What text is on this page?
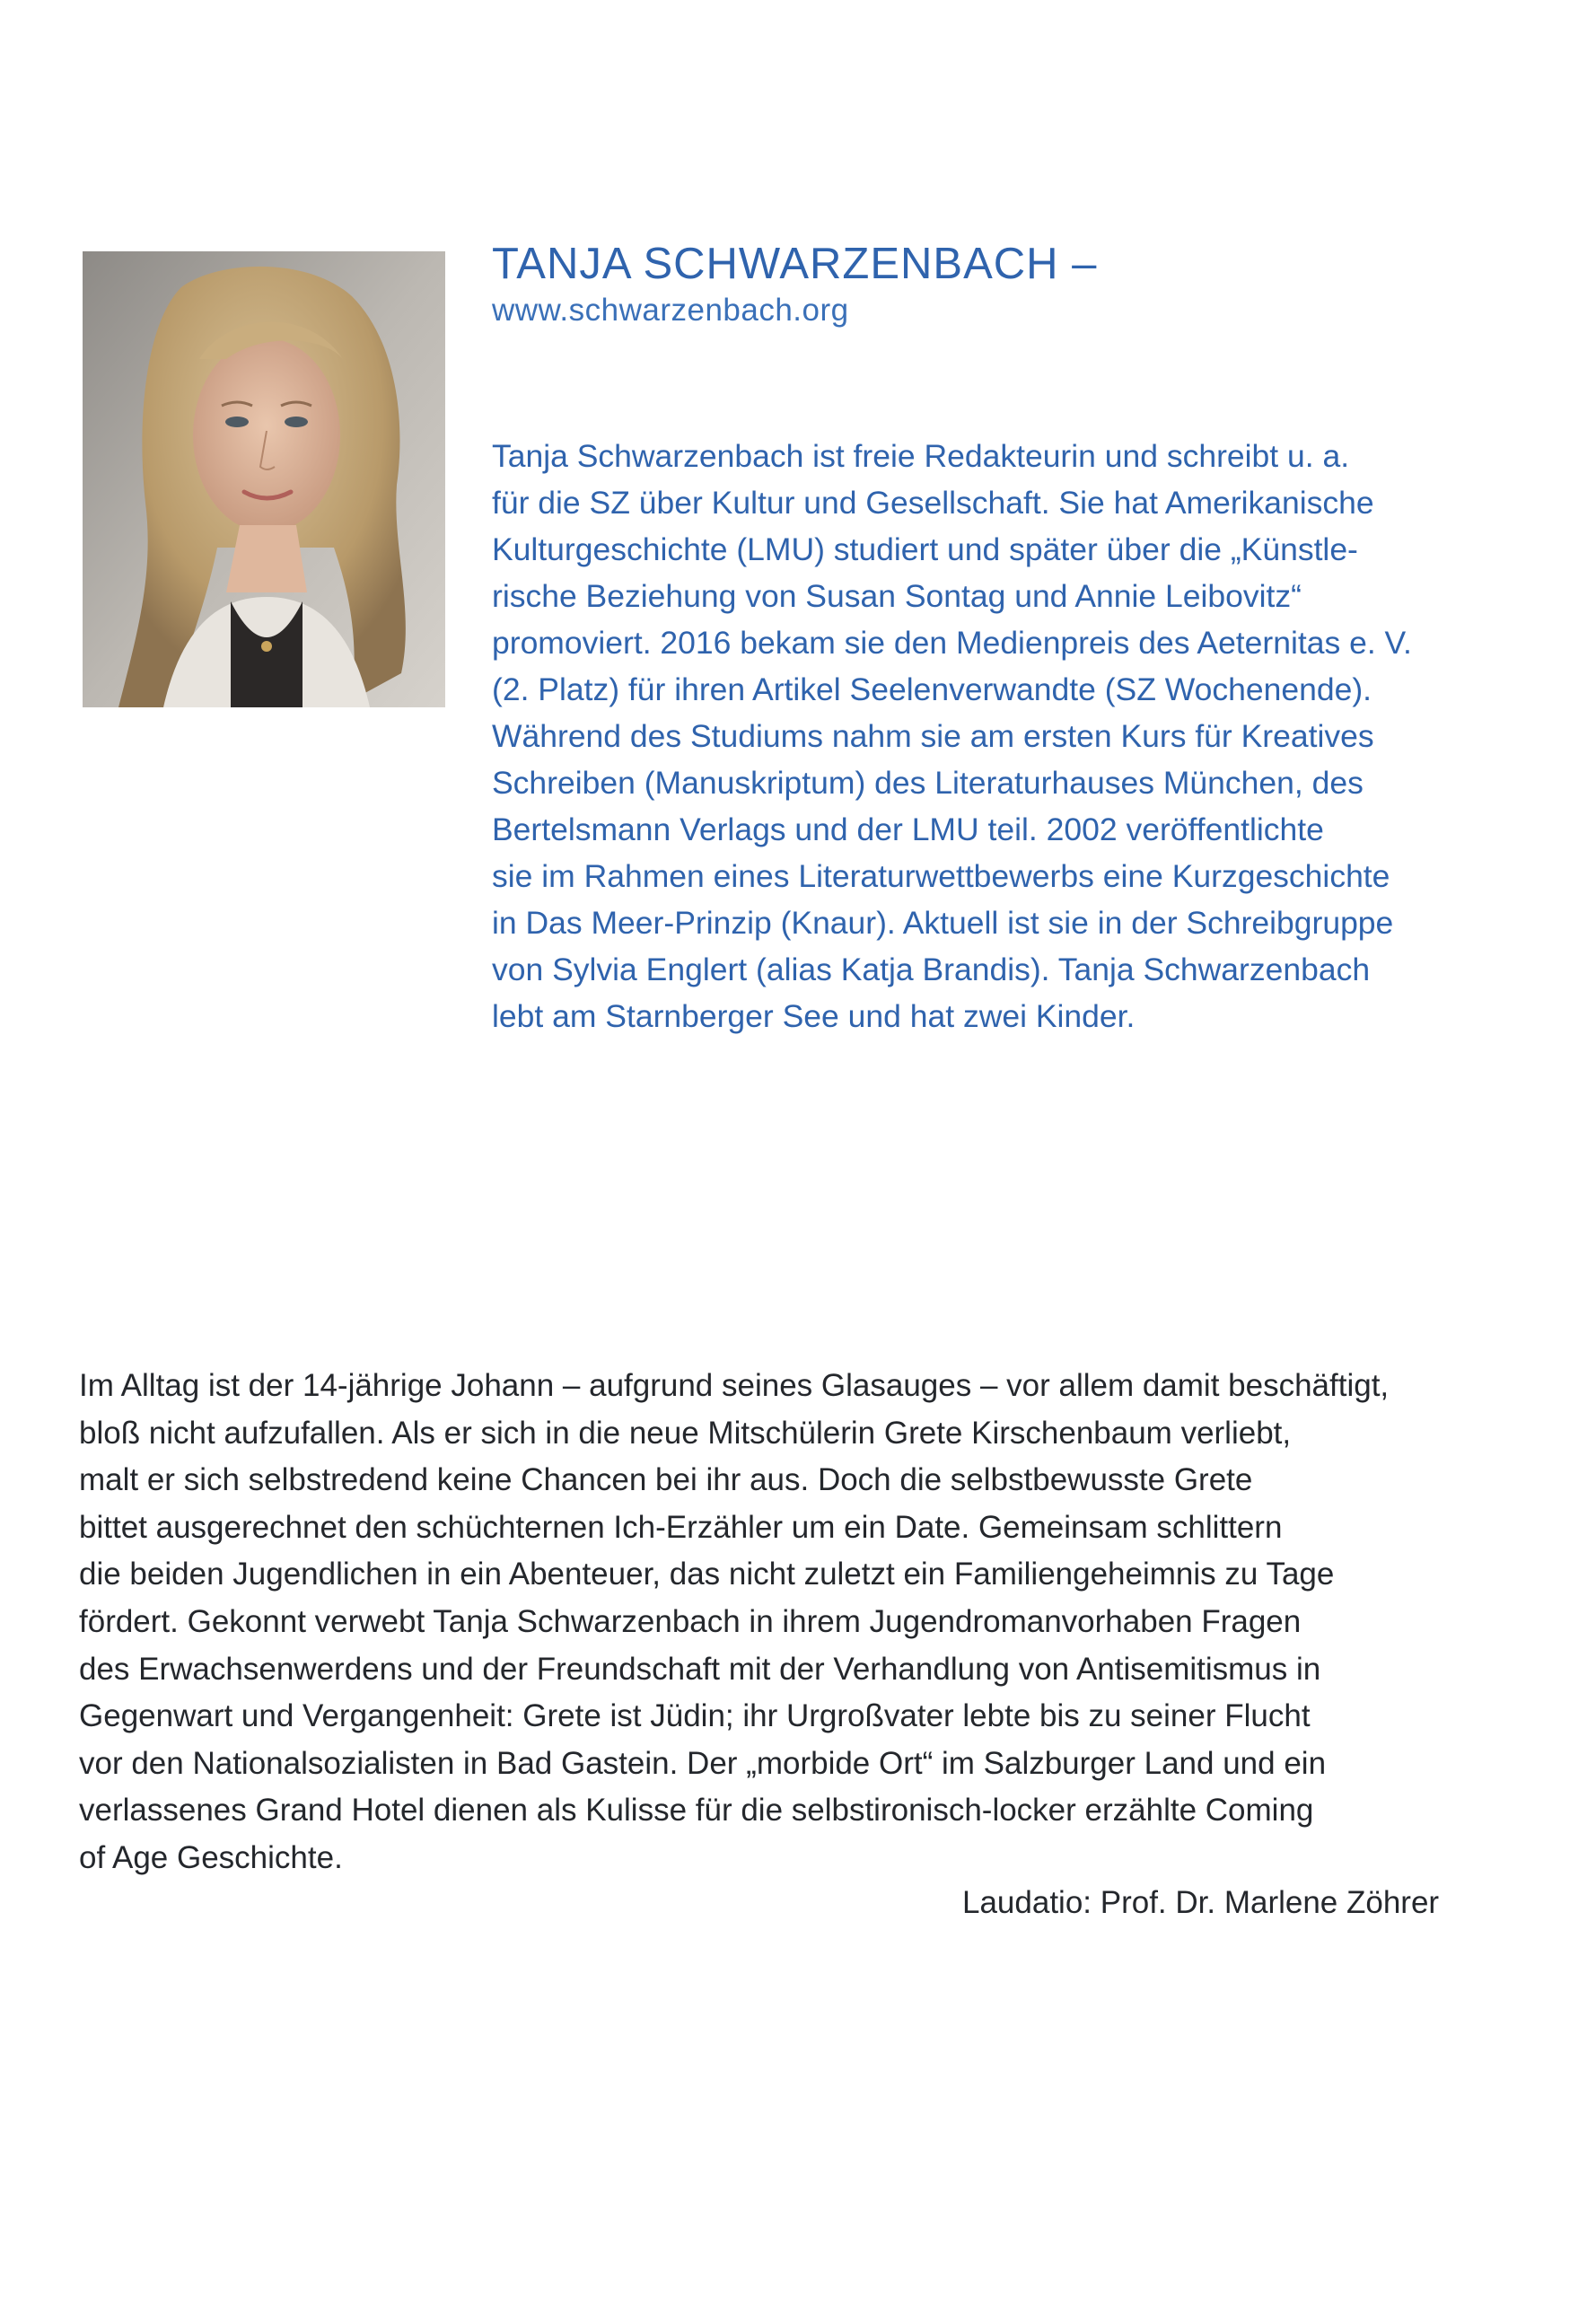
TANJA SCHWARZENBACH –
www.schwarzenbach.org
Tanja Schwarzenbach ist freie Redakteurin und schreibt u. a.
für die SZ über Kultur und Gesellschaft. Sie hat Amerikanische
Kulturgeschichte (LMU) studiert und später über die „Künstle-
rische Beziehung von Susan Sontag und Annie Leibovitz“
promoviert. 2016 bekam sie den Medienpreis des Aeternitas e. V.
(2. Platz) für ihren Artikel Seelenverwandte (SZ Wochenende).
Während des Studiums nahm sie am ersten Kurs für Kreatives
Schreiben (Manuskriptum) des Literaturhauses München, des
Bertelsmann Verlags und der LMU teil. 2002 veröffentlichte
sie im Rahmen eines Literaturwettbewerbs eine Kurzgeschichte
in Das Meer-Prinzip (Knaur). Aktuell ist sie in der Schreibgruppe
von Sylvia Englert (alias Katja Brandis). Tanja Schwarzenbach
lebt am Starnberger See und hat zwei Kinder.
Im Alltag ist der 14-jährige Johann – aufgrund seines Glasauges – vor allem damit beschäftigt,
bloß nicht aufzufallen. Als er sich in die neue Mitschülerin Grete Kirschenbaum verliebt,
malt er sich selbstredend keine Chancen bei ihr aus. Doch die selbstbewusste Grete
bittet ausgerechnet den schüchternen Ich-Erzähler um ein Date. Gemeinsam schlittern
die beiden Jugendlichen in ein Abenteuer, das nicht zuletzt ein Familiengeheimnis zu Tage
fördert. Gekonnt verwebt Tanja Schwarzenbach in ihrem Jugendromanvorhaben Fragen
des Erwachsenwerdens und der Freundschaft mit der Verhandlung von Antisemitismus in
Gegenwart und Vergangenheit: Grete ist Jüdin; ihr Urgroßvater lebte bis zu seiner Flucht
vor den Nationalsozialisten in Bad Gastein. Der „morbide Ort“ im Salzburger Land und ein
verlassenes Grand Hotel dienen als Kulisse für die selbstironisch-locker erzählte Coming
of Age Geschichte.
Laudatio: Prof. Dr. Marlene Zöhrer
